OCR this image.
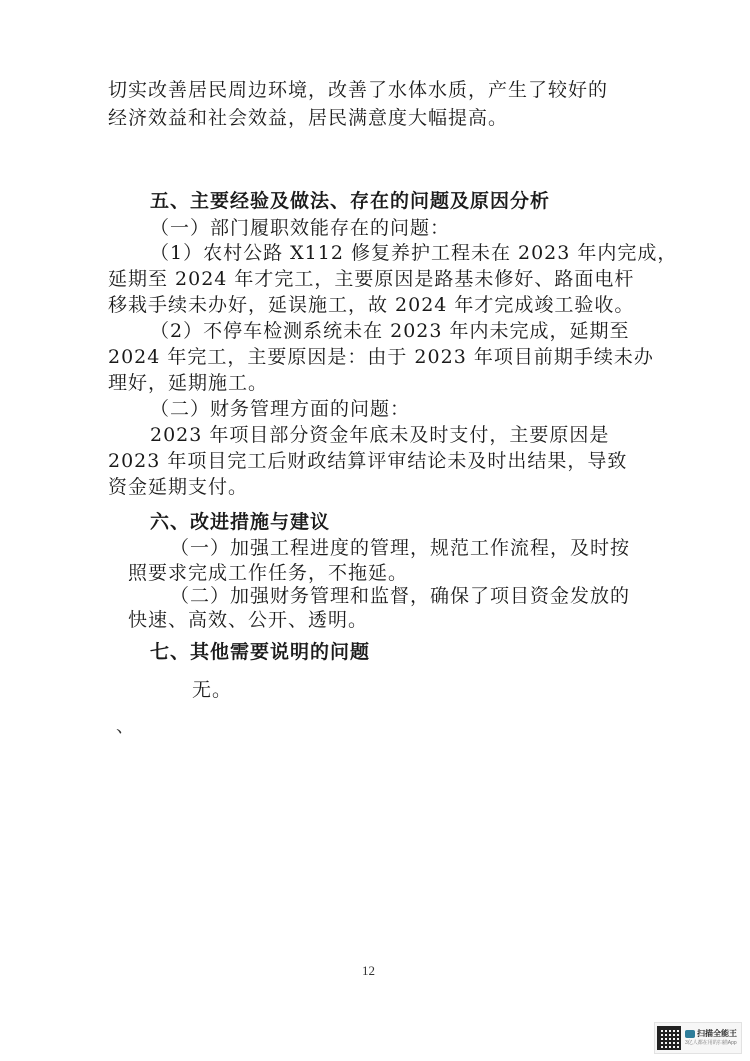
切实改善居民周边环境，改善了水体水质，产生了较好的
经济效益和社会效益，居民满意度大幅提高。
五、主要经验及做法、存在的问题及原因分析
（一）部门履职效能存在的问题：
（1）农村公路 X112 修复养护工程未在 2023 年内完成，
延期至 2024 年才完工，主要原因是路基未修好、路面电杆
移栽手续未办好，延误施工，故 2024 年才完成竣工验收。
（2）不停车检测系统未在 2023 年内未完成，延期至
2024 年完工，主要原因是：由于 2023 年项目前期手续未办
理好，延期施工。
（二）财务管理方面的问题：
2023 年项目部分资金年底未及时支付，主要原因是
2023 年项目完工后财政结算评审结论未及时出结果，导致
资金延期支付。
六、改进措施与建议
（一）加强工程进度的管理，规范工作流程，及时按
照要求完成工作任务，不拖延。
（二）加强财务管理和监督，确保了项目资金发放的
快速、高效、公开、透明。
七、其他需要说明的问题
无。
、
12
扫描全能王
3亿人都在用的扫描App
